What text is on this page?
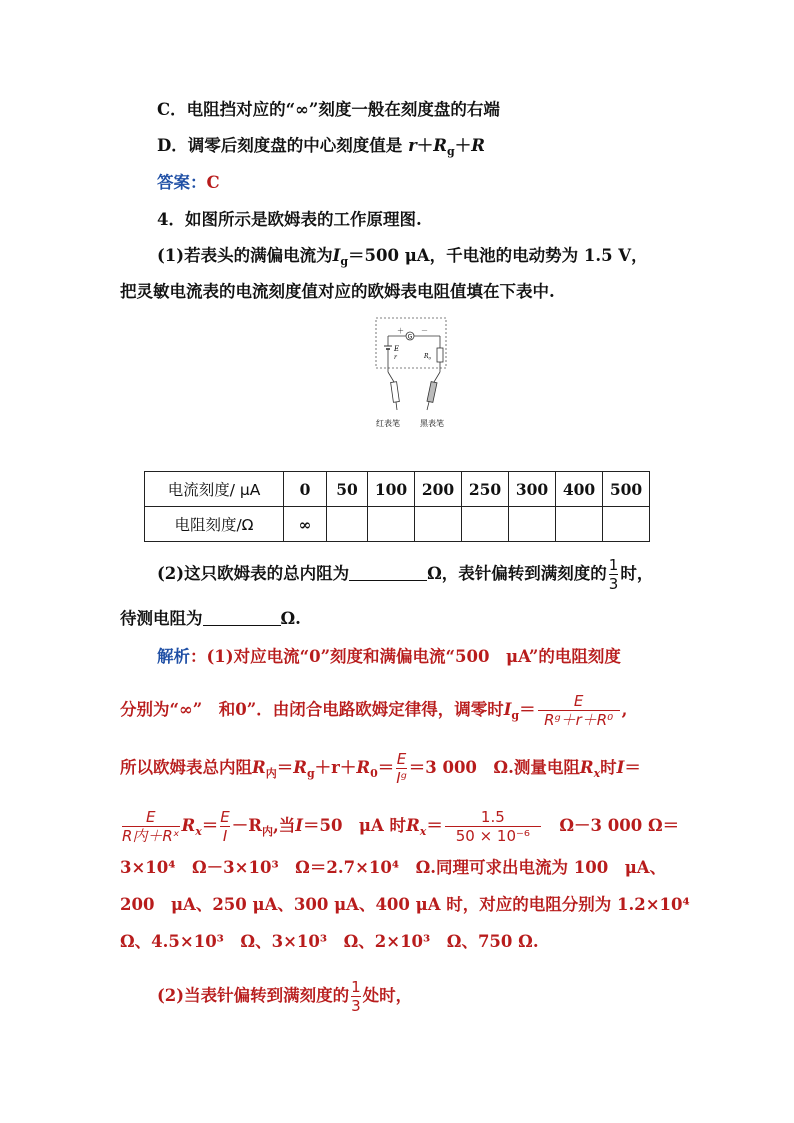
C．电阻挡对应的“∞”刻度一般在刻度盘的右端
D．调零后刻度盘的中心刻度值是 $r+R_g+R$
答案：C
4．如图所示是欧姆表的工作原理图.
(1)若表头的满偏电流为$I_g=500$ μA，千电池的电动势为 1.5 V，
把灵敏电流表的电流刻度值对应的欧姆表电阻值填在下表中.
G
＋ －
E
r	$R_0$
红表笔	黑表笔
电流刻度/ μA	0	50	100	200	250	300	400	500
电阻刻度/Ω	∞							
(2)这只欧姆表的总内阻为	Ω，表针偏转到满刻度的 $\frac{1}{3}$ 时，
待测电阻为	Ω.
解析：(1)对应电流“0”刻度和满偏电流“500　μA”的电阻刻度
分别为“∞”　和0”．由闭合电路欧姆定律得，调零时$I_g= \frac{E}{\text{Rᵍ＋r＋R⁰}}$ ,
所以欧姆表总内阻$R_内=R_g+r+R_0= \frac{E}{\text{Iᵍ}} =3$ 000　Ω.测量电阻$R_x$时I＝
$\frac{E}{\text{R内＋Rˣ}} R_x= \frac{E}{I} -R_内$,当I＝50　μA 时$R_x= \frac{1.5}{\text{50 × 10⁻⁶}}$ 　Ω－3 000 Ω＝
3×10⁴　Ω－3×10³　Ω＝2.7×10⁴　Ω.同理可求出电流为 100　μA、
200　μA、250 μA、300 μA、400 μA 时，对应的电阻分别为 1.2×10⁴
Ω、4.5×10³　Ω、3×10³　Ω、2×10³　Ω、750 Ω.
(2)当表针偏转到满刻度的 $\frac{1}{3}$ 处时，
